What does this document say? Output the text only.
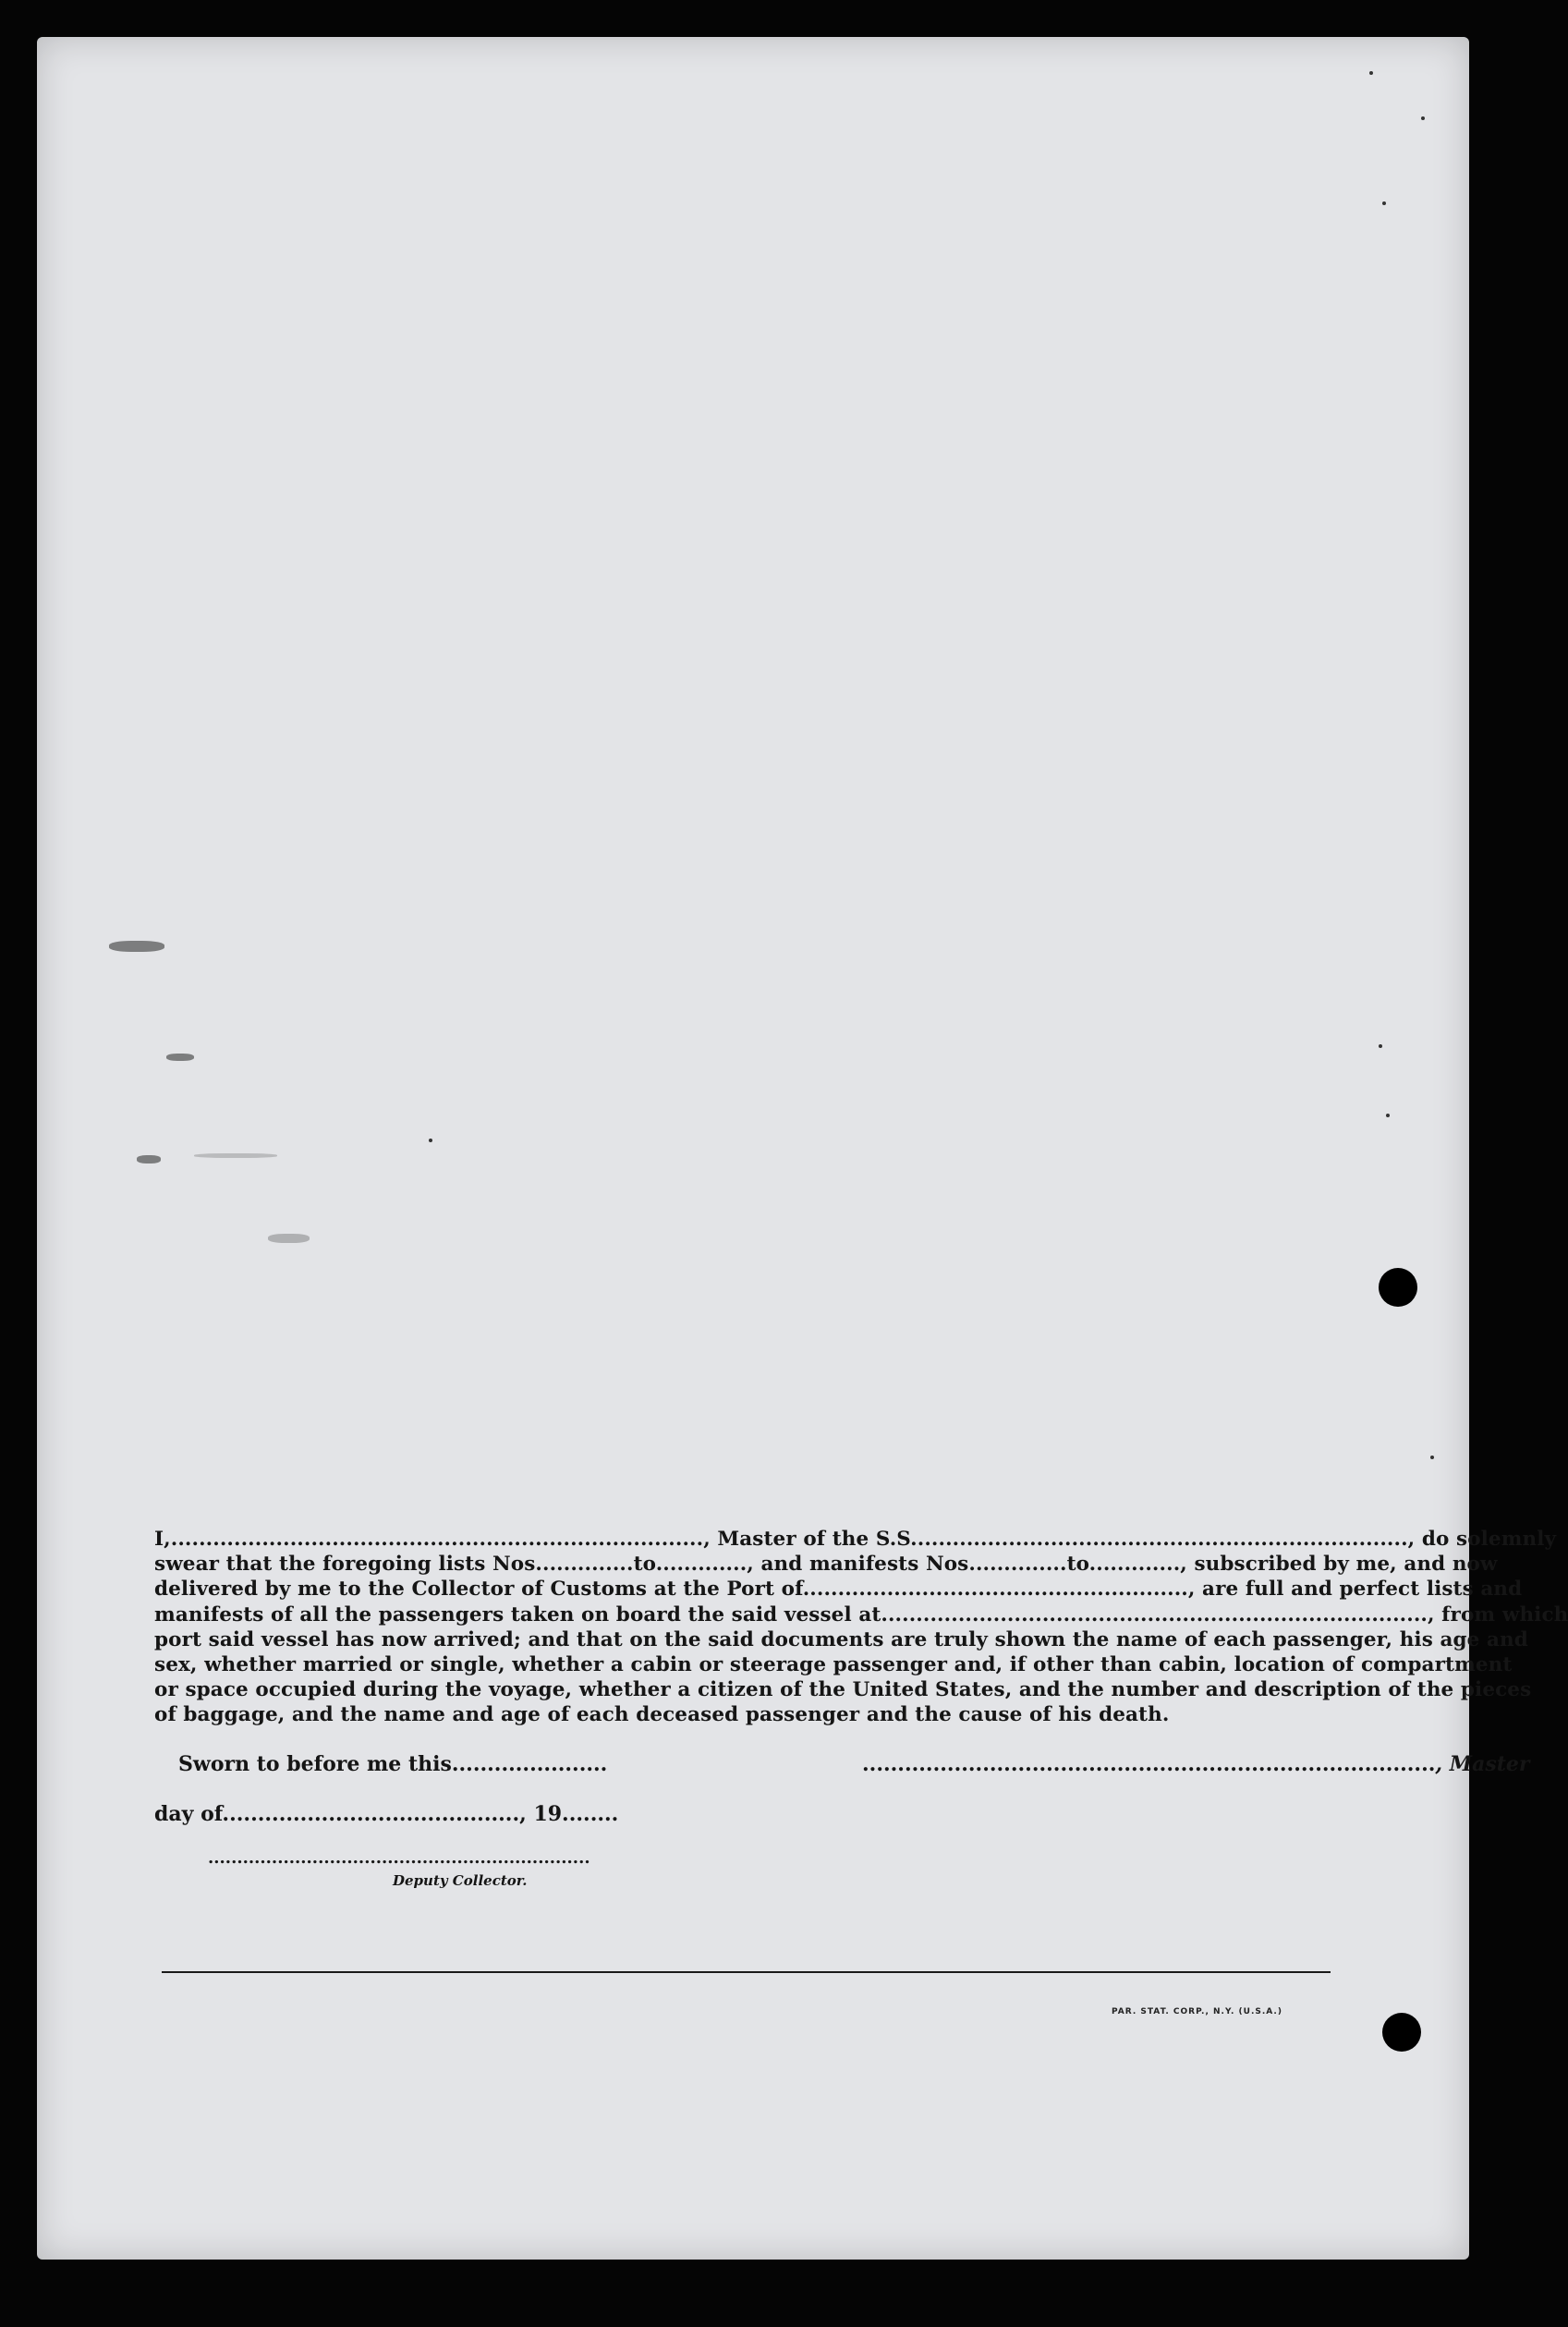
I,............................................................................, Master of the S.S......................................................................., do solemnly
swear that the foregoing lists Nos..............to............., and manifests Nos..............to............., subscribed by me, and now
delivered by me to the Collector of Customs at the Port of......................................................., are full and perfect lists and
manifests of all the passengers taken on board the said vessel at.............................................................................., from which
port said vessel has now arrived; and that on the said documents are truly shown the name of each passenger, his age and
sex, whether married or single, whether a cabin or steerage passenger and, if other than cabin, location of compartment
or space occupied during the voyage, whether a citizen of the United States, and the number and description of the pieces
of baggage, and the name and age of each deceased passenger and the cause of his death.
Sworn to before me this......................	................................................................................., Master
day of.........................................., 19........
..................................................................
Deputy Collector.
PAR. STAT. CORP., N.Y. (U.S.A.)
